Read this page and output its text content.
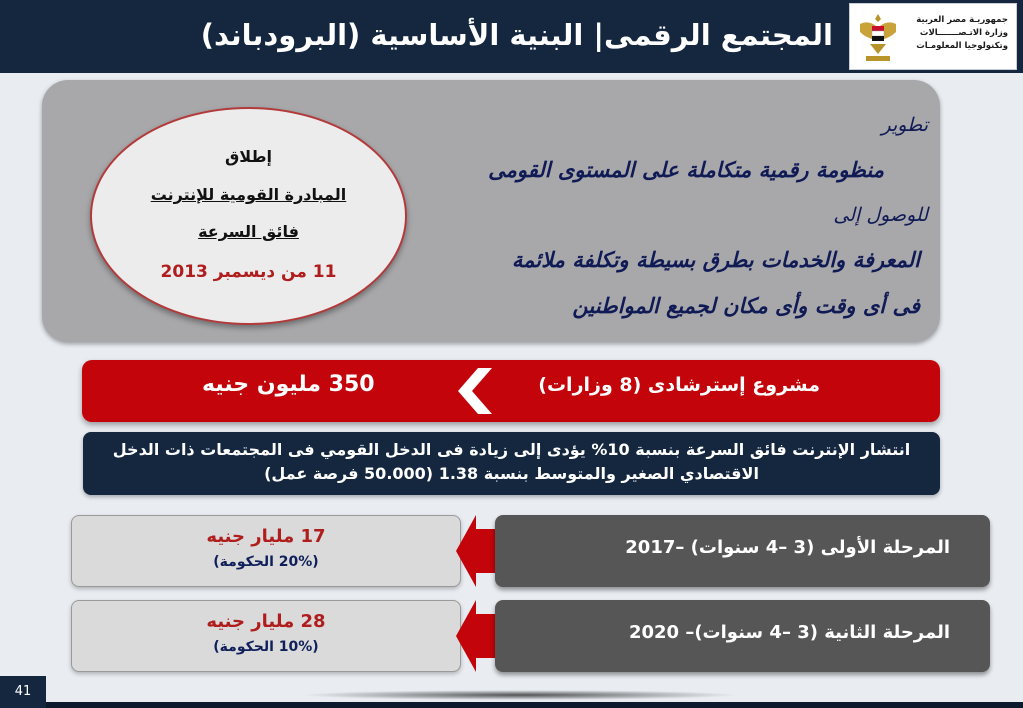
المجتمع الرقمى| البنية الأساسية (البرودباند)	جمهوريـة مصر العربية
وزارة الاتـصـــــــالات
وتكنولوجيا المعلومـات
إطلاق
المبادرة القومية للإنترنت
فائق السرعة
11 من ديسمبر 2013
تطوير
منظومة رقمية متكاملة على المستوى القومى
للوصول إلى
المعرفة والخدمات بطرق بسيطة وتكلفة ملائمة
فى أى وقت وأى مكان لجميع المواطنين
مشروع إسترشادى (8 وزارات)
350 مليون جنيه
انتشار الإنترنت فائق السرعة بنسبة 10% يؤدى إلى زيادة فى الدخل القومي فى المجتمعات ذات الدخل
الاقتصادي الصغير والمتوسط بنسبة 1.38 (50.000 فرصة عمل)
17 مليار جنيه
(20% الحكومة)
المرحلة الأولى (3 –4 سنوات) –2017
28 مليار جنيه
(10% الحكومة)
المرحلة الثانية (3 –4 سنوات)– 2020
41
